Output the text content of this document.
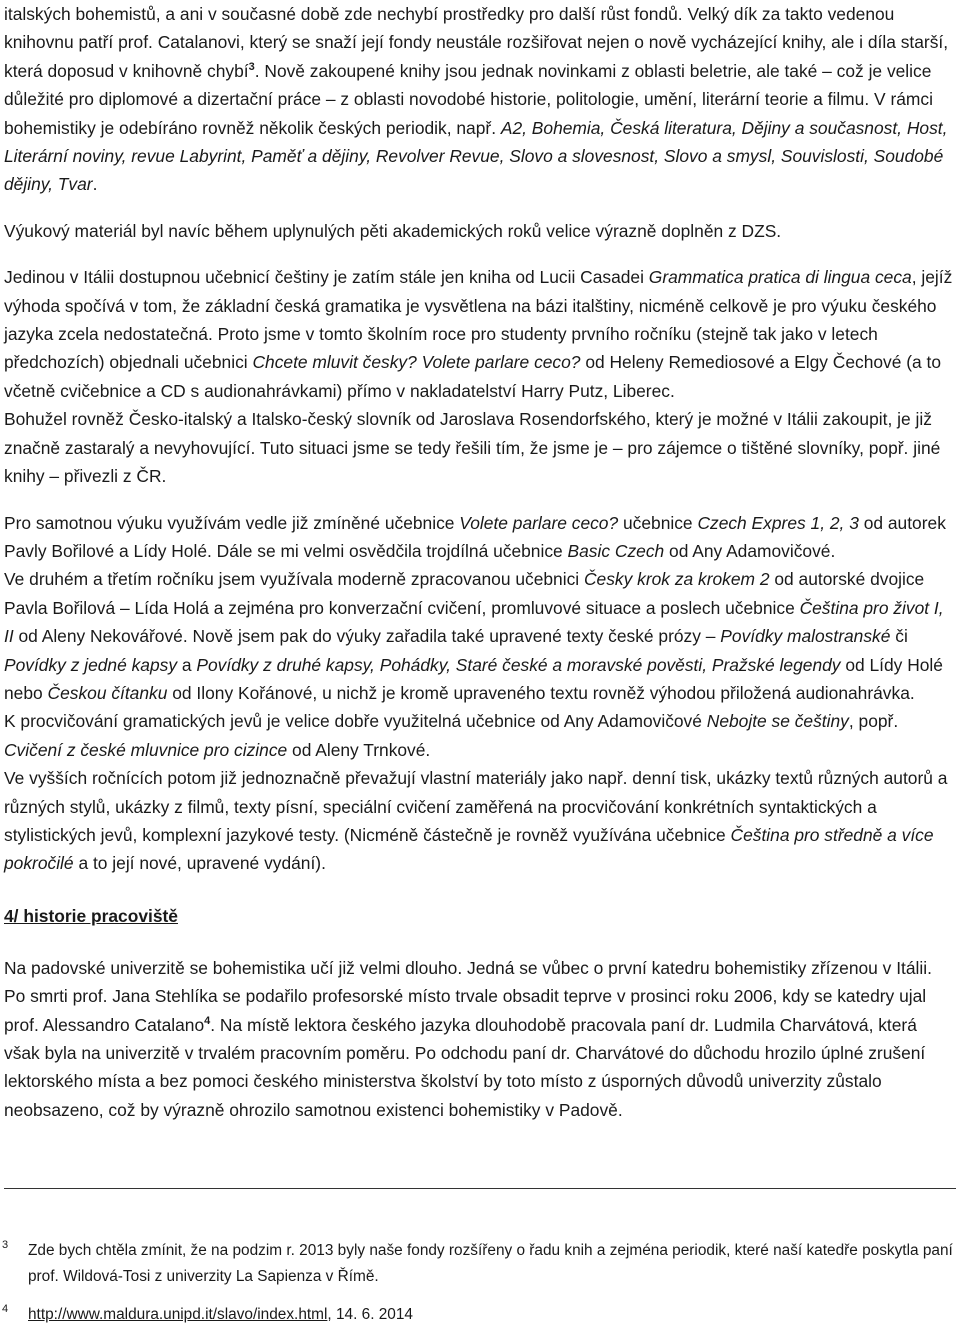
italských bohemistů, a ani v současné době zde nechybí prostředky pro další růst fondů. Velký dík za takto vedenou knihovnu patří prof. Catalanovi, který se snaží její fondy neustále rozšiřovat nejen o nově vycházející knihy, ale i díla starší, která doposud v knihovně chybí$^3$. Nově zakoupené knihy jsou jednak novinkami z oblasti beletrie, ale také – což je velice důležité pro diplomové a dizertační práce – z oblasti novodobé historie, politologie, umění, literární teorie a filmu. V rámci bohemistiky je odebíráno rovněž několik českých periodik, např. A2, Bohemia, Česká literatura, Dějiny a současnost, Host, Literární noviny, revue Labyrint, Paměť a dějiny, Revolver Revue, Slovo a slovesnost, Slovo a smysl, Souvislosti, Soudobé dějiny, Tvar.

Výukový materiál byl navíc během uplynulých pěti akademických roků velice výrazně doplněn z DZS.

Jedinou v Itálii dostupnou učebnicí češtiny je zatím stále jen kniha od Lucii Casadei Grammatica pratica di lingua ceca, jejíž výhoda spočívá v tom, že základní česká gramatika je vysvětlena na bázi italštiny, nicméně celkově je pro výuku českého jazyka zcela nedostatečná. Proto jsme v tomto školním roce pro studenty prvního ročníku (stejně tak jako v letech předchozích) objednali učebnici Chcete mluvit česky? Volete parlare ceco? od Heleny Remediosové a Elgy Čechové (a to včetně cvičebnice a CD s audionahrávkami) přímo v nakladatelství Harry Putz, Liberec.
Bohužel rovněž Česko-italský a Italsko-český slovník od Jaroslava Rosendorfského, který je možné v Itálii zakoupit, je již značně zastaralý a nevyhovující. Tuto situaci jsme se tedy řešili tím, že jsme je – pro zájemce o tištěné slovníky, popř. jiné knihy – přivezli z ČR.

Pro samotnou výuku využívám vedle již zmíněné učebnice Volete parlare ceco? učebnice Czech Expres 1, 2, 3 od autorek Pavly Bořilové a Lídy Holé. Dále se mi velmi osvědčila trojdílná učebnice Basic Czech od Any Adamovičové.
Ve druhém a třetím ročníku jsem využívala moderně zpracovanou učebnici Česky krok za krokem 2 od autorské dvojice Pavla Bořilová – Lída Holá a zejména pro konverzační cvičení, promluvové situace a poslech učebnice Čeština pro život I, II od Aleny Nekovářové. Nově jsem pak do výuky zařadila také upravené texty české prózy – Povídky malostranské či Povídky z jedné kapsy a Povídky z druhé kapsy, Pohádky, Staré české a moravské pověsti, Pražské legendy od Lídy Holé nebo Českou čítanku od Ilony Kořánové, u nichž je kromě upraveného textu rovněž výhodou přiložená audionahrávka.
K procvičování gramatických jevů je velice dobře využitelná učebnice od Any Adamovičové Nebojte se češtiny, popř. Cvičení z české mluvnice pro cizince od Aleny Trnkové.
Ve vyšších ročnících potom již jednoznačně převažují vlastní materiály jako např. denní tisk, ukázky textů různých autorů a různých stylů, ukázky z filmů, texty písní, speciální cvičení zaměřená na procvičování konkrétních syntaktických a stylistických jevů, komplexní jazykové testy. (Nicméně částečně je rovněž využívána učebnice Čeština pro středně a více pokročilé a to její nové, upravené vydání).

4/ historie pracoviště

Na padovské univerzitě se bohemistika učí již velmi dlouho. Jedná se vůbec o první katedru bohemistiky zřízenou v Itálii. Po smrti prof. Jana Stehlíka se podařilo profesorské místo trvale obsadit teprve v prosinci roku 2006, kdy se katedry ujal prof. Alessandro Catalano$^4$. Na místě lektora českého jazyka dlouhodobě pracovala paní dr. Ludmila Charvátová, která však byla na univerzitě v trvalém pracovním poměru. Po odchodu paní dr. Charvátové do důchodu hrozilo úplné zrušení lektorského místa a bez pomoci českého ministerstva školství by toto místo z úsporných důvodů univerzity zůstalo neobsazeno, což by výrazně ohrozilo samotnou existenci bohemistiky v Padově.

3 Zde bych chtěla zmínit, že na podzim r. 2013 byly naše fondy rozšířeny o řadu knih a zejména periodik, které naší katedře poskytla paní prof. Wildová-Tosi z univerzity La Sapienza v Římě.
4 http://www.maldura.unipd.it/slavo/index.html, 14. 6. 2014
